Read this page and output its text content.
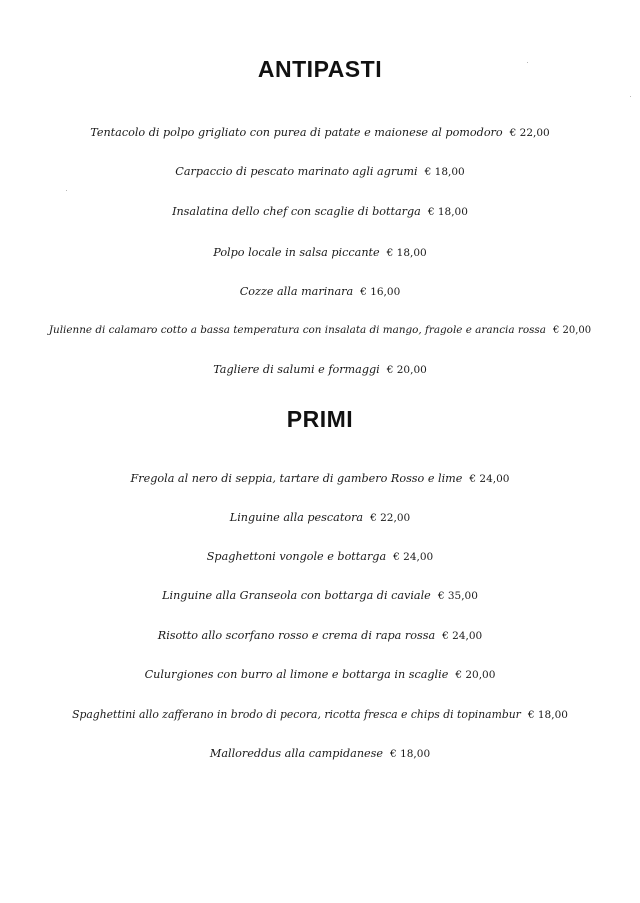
ANTIPASTI
Tentacolo di polpo grigliato con purea di patate e maionese al pomodoro € 22,00
Carpaccio di pescato marinato agli agrumi € 18,00
Insalatina dello chef con scaglie di bottarga € 18,00
Polpo locale in salsa piccante € 18,00
Cozze alla marinara € 16,00
Julienne di calamaro cotto a bassa temperatura con insalata di mango, fragole e arancia rossa € 20,00
Tagliere di salumi e formaggi € 20,00
PRIMI
Fregola al nero di seppia, tartare di gambero Rosso e lime € 24,00
Linguine alla pescatora € 22,00
Spaghettoni vongole e bottarga € 24,00
Linguine alla Granseola con bottarga di caviale € 35,00
Risotto allo scorfano rosso e crema di rapa rossa € 24,00
Culurgiones con burro al limone e bottarga in scaglie € 20,00
Spaghettini allo zafferano in brodo di pecora, ricotta fresca e chips di topinambur € 18,00
Malloreddus alla campidanese € 18,00
